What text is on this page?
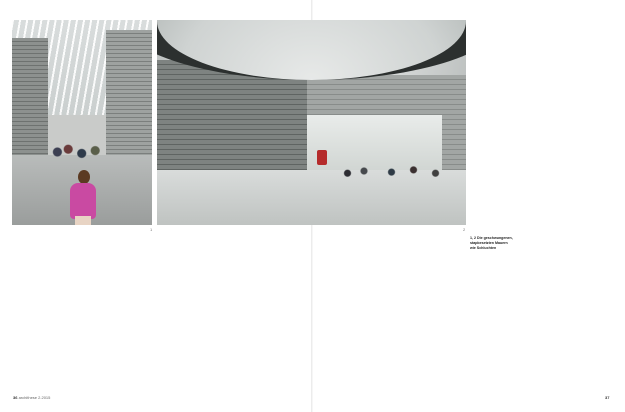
1	2
1, 2 Die geschwungenen, stapbesetzten Mauern wie Schluchten
36 archithese 2.2015	37
